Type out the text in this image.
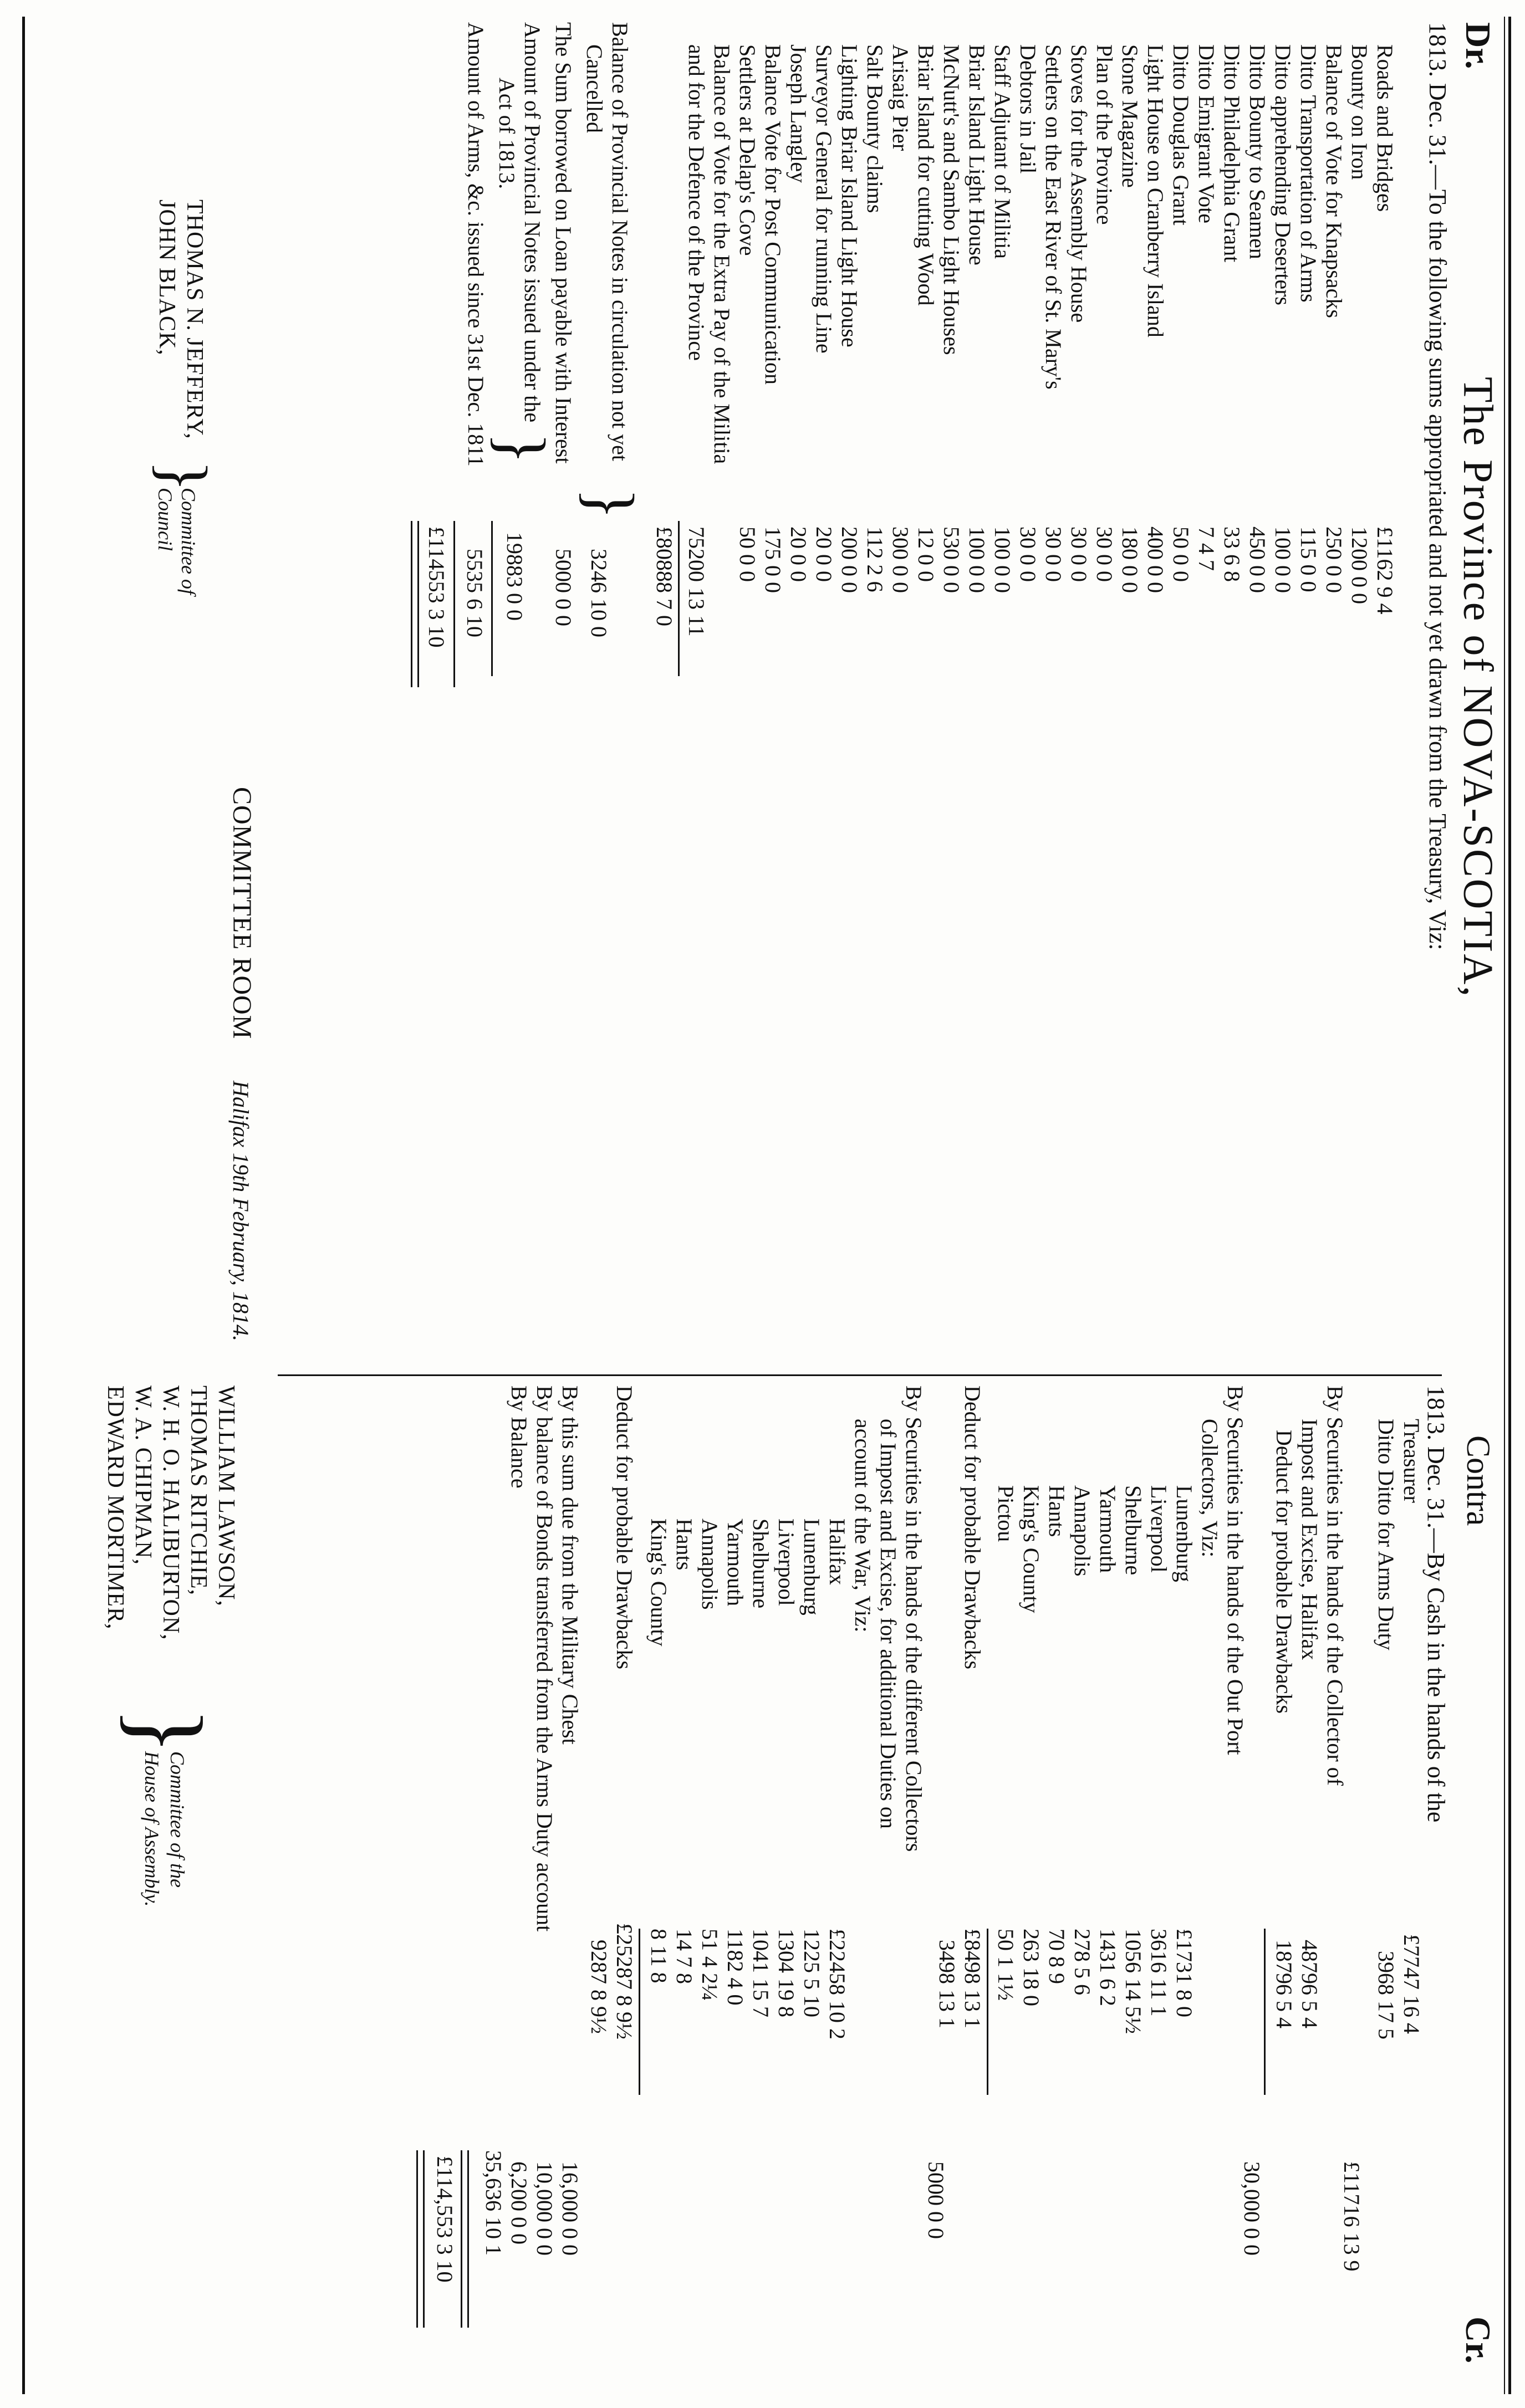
Dr.
The Province of NOVA-SCOTIA,
Contra
Cr.
1813. Dec. 31.—To the following sums appropriated and not yet drawn from the Treasury, Viz:
Roads and Bridges
£1162 9 4
Bounty on Iron
1200 0 0
Balance of Vote for Knapsacks
250 0 0
Ditto Transportation of Arms
115 0 0
Ditto apprehending Deserters
100 0 0
Ditto Bounty to Seamen
450 0 0
Ditto Philadelphia Grant
33 6 8
Ditto Emigrant Vote
7 4 7
Ditto Douglas Grant
50 0 0
Light House on Cranberry Island
400 0 0
Stone Magazine
180 0 0
Plan of the Province
30 0 0
Stoves for the Assembly House
30 0 0
Settlers on the East River of St. Mary's
30 0 0
Debtors in Jail
30 0 0
Staff Adjutant of Militia
100 0 0
Briar Island Light House
100 0 0
McNutt's and Sambo Light Houses
530 0 0
Briar Island for cutting Wood
12 0 0
Arisaig Pier
300 0 0
Salt Bounty claims
112 2 6
Lighting Briar Island Light House
200 0 0
Surveyor General for running Line
20 0 0
Joseph Langley
20 0 0
Balance Vote for Post Communication
175 0 0
Settlers at Delap's Cove
50 0 0
Balance of Vote for the Extra Pay of the Militia
and for the Defence of the Province
75200 13 11
£80888 7 0
Balance of Provincial Notes in circulation not yet
Cancelled
}
3246 10 0
The Sum borrowed on Loan payable with Interest
5000 0 0
Amount of Provincial Notes issued under the
Act of 1813.
}
19883 0 0
Amount of Arms, &c. issued since 31st Dec. 1811
5535 6 10
£114553 3 10
THOMAS N. JEFFERY,
JOHN BLACK,
}
Committee of Council
COMMITTEE ROOM
Halifax 19th February, 1814.
1813. Dec. 31.—By Cash in the hands of the
Treasurer
£7747 16 4
Ditto Ditto for Arms Duty
3968 17 5
£11716 13 9
By Securities in the hands of the Collector of
Impost and Excise, Halifax
48796 5 4
Deduct for probable Drawbacks
18796 5 4
30,000 0 0
By Securities in the hands of the Out Port
Collectors, Viz:
Lunenburg
£1731 8 0
Liverpool
3616 11 1
Shelburne
1056 14 5½
Yarmouth
1431 6 2
Annapolis
278 5 6
Hants
70 8 9
King's County
263 18 0
Pictou
50 1 1½
£8498 13 1
Deduct for probable Drawbacks
3498 13 1
5000 0 0
By Securities in the hands of the different Collectors
of Impost and Excise, for additional Duties on
account of the War, Viz:
Halifax
£22458 10 2
Lunenburg
1225 5 10
Liverpool
1304 19 8
Shelburne
1041 15 7
Yarmouth
1182 4 0
Annapolis
51 4 2¼
Hants
14 7 8
King's County
8 11 8
£25287 8 9½
Deduct for probable Drawbacks
9287 8 9½
16,000 0 0
By this sum due from the Military Chest
10,000 0 0
By balance of Bonds transferred from the Arms Duty account
6,200 0 0
By Balance
35,636 10 1
£114,553 3 10
WILLIAM LAWSON,
THOMAS RITCHIE,
W. H. O. HALIBURTON,
W. A. CHIPMAN,
EDWARD MORTIMER,
}
Committee of the
House of Assembly.
